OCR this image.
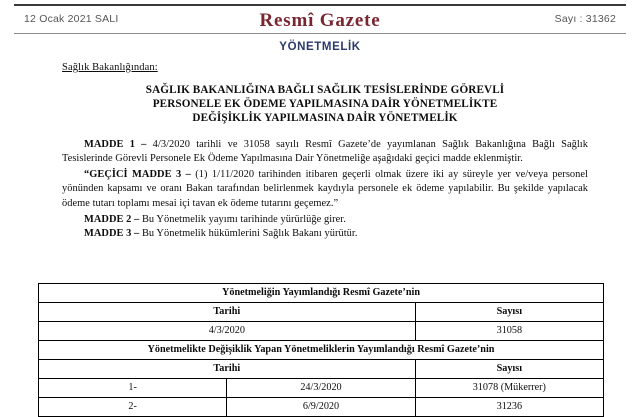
12 Ocak 2021 SALI	Resmî Gazete	Sayı : 31362
YÖNETMELİK

Sağlık Bakanlığından:

SAĞLIK BAKANLIĞINA BAĞLI SAĞLIK TESİSLERİNDE GÖREVLİ
PERSONELE EK ÖDEME YAPILMASINA DAİR YÖNETMELİKTE
DEĞİŞİKLİK YAPILMASINA DAİR YÖNETMELİK

MADDE 1 – 4/3/2020 tarihli ve 31058 sayılı Resmî Gazete’de yayımlanan Sağlık Bakanlığına Bağlı Sağlık Tesislerinde Görevli Personele Ek Ödeme Yapılmasına Dair Yönetmeliğe aşağıdaki geçici madde eklenmiştir.

“GEÇİCİ MADDE 3 – (1) 1/11/2020 tarihinden itibaren geçerli olmak üzere iki ay süreyle yer ve/veya personel yönünden kapsamı ve oranı Bakan tarafından belirlenmek kaydıyla personele ek ödeme yapılabilir. Bu şekilde yapılacak ödeme tutarı toplamı mesai içi tavan ek ödeme tutarını geçemez.”

MADDE 2 – Bu Yönetmelik yayımı tarihinde yürürlüğe girer.

MADDE 3 – Bu Yönetmelik hükümlerini Sağlık Bakanı yürütür.

Yönetmeliğin Yayımlandığı Resmî Gazete’nin		
Tarihi		Sayısı
4/3/2020		31058
Yönetmelikte Değişiklik Yapan Yönetmeliklerin Yayımlandığı Resmî Gazete’nin		
Tarihi		Sayısı
1-	24/3/2020	31078 (Mükerrer)
2-	6/9/2020	31236
